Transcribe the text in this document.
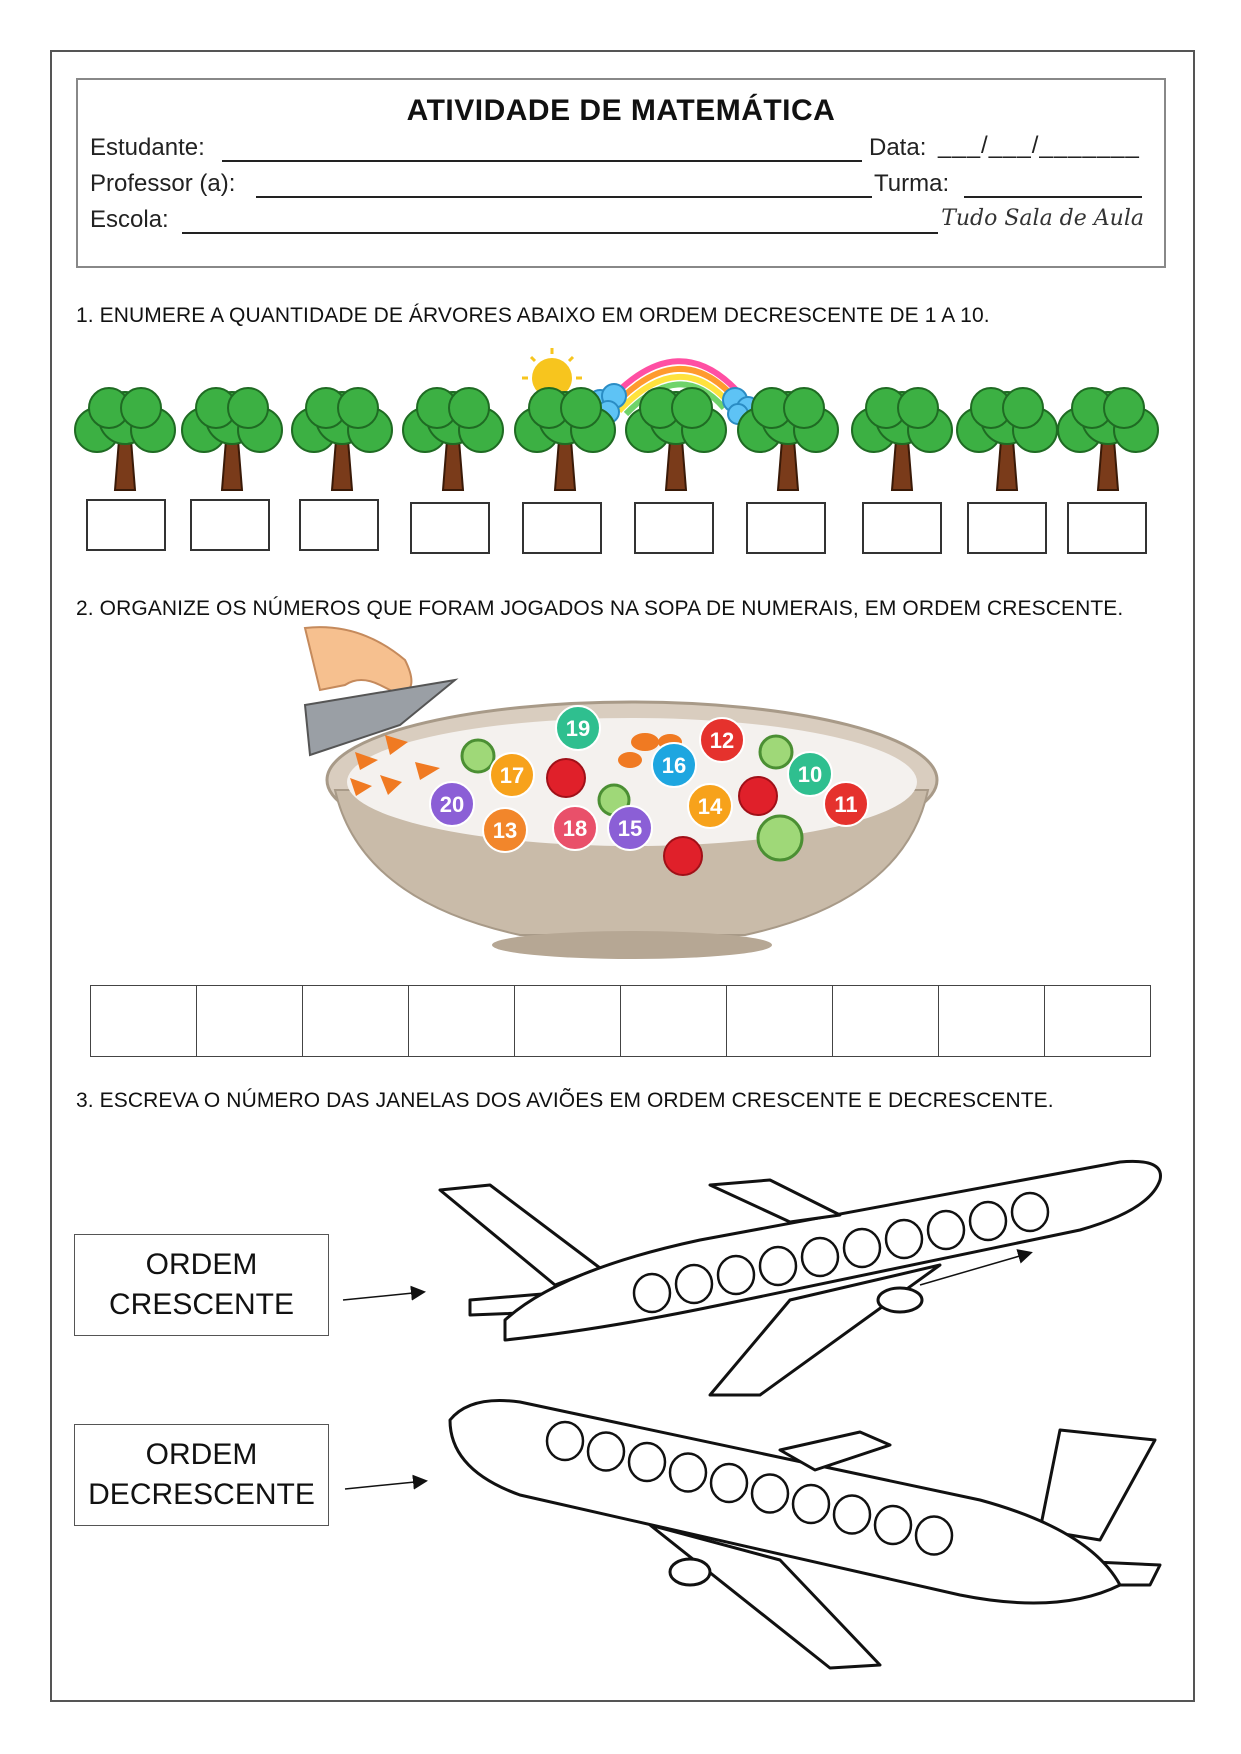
ATIVIDADE DE MATEMÁTICA
Estudante:	Data: ___/___/_______
Professor (a):	Turma:
Escola:	Tudo Sala de Aula
1. ENUMERE A QUANTIDADE DE ÁRVORES ABAIXO EM ORDEM DECRESCENTE DE 1 A 10.
2. ORGANIZE OS NÚMEROS QUE FORAM JOGADOS NA SOPA DE NUMERAIS, EM ORDEM CRESCENTE.
19	12
17	16	10
20	14	11
13 18 15
3. ESCREVA O NÚMERO DAS JANELAS DOS AVIÕES EM ORDEM CRESCENTE E DECRESCENTE.
ORDEM
CRESCENTE
ORDEM
DECRESCENTE
